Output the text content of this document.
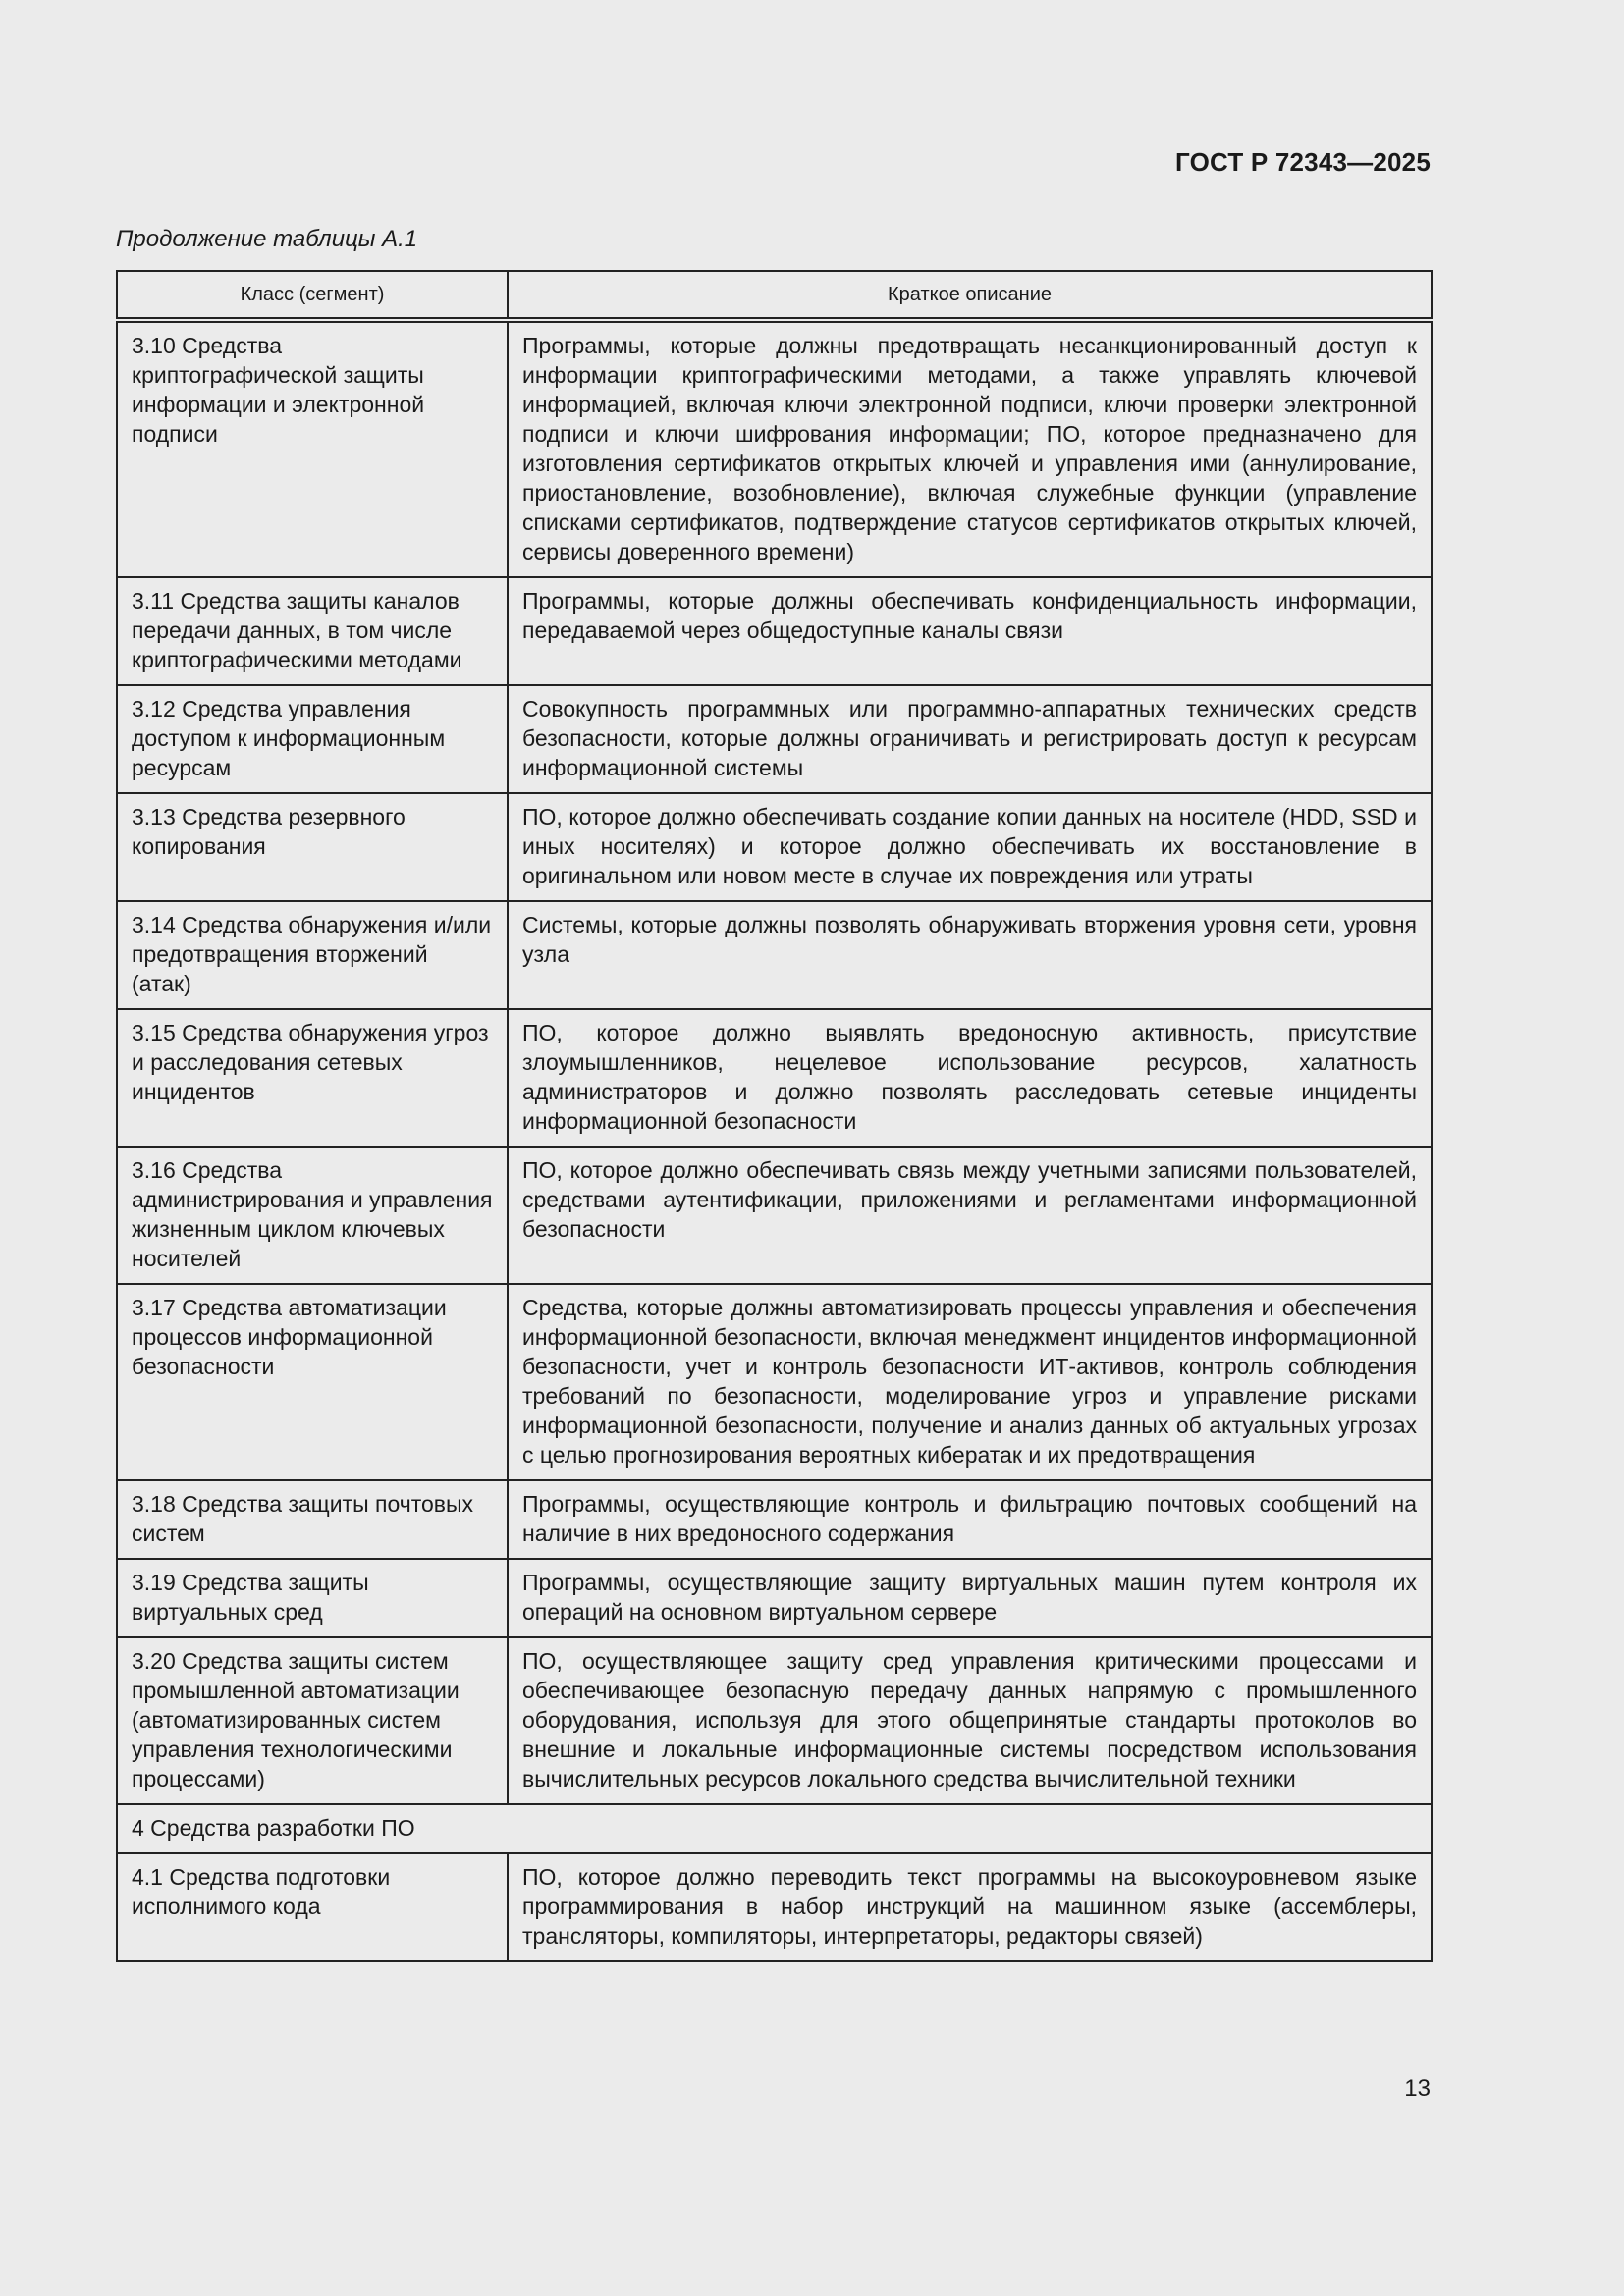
ГОСТ Р 72343—2025
Продолжение таблицы А.1
Класс (сегмент)	Краткое описание
3.10 Средства криптографической защиты информации и электронной подписи	Программы, которые должны предотвращать несанкционированный доступ к информации криптографическими методами, а также управлять ключевой информацией, включая ключи электронной подписи, ключи проверки электронной подписи и ключи шифрования информации; ПО, которое предназначено для изготовления сертификатов открытых ключей и управления ими (аннулирование, приостановление, возобновление), включая служебные функции (управление списками сертификатов, подтверждение статусов сертификатов открытых ключей, сервисы доверенного времени)
3.11 Средства защиты каналов передачи данных, в том числе криптографическими методами	Программы, которые должны обеспечивать конфиденциальность информации, передаваемой через общедоступные каналы связи
3.12 Средства управления доступом к информационным ресурсам	Совокупность программных или программно-аппаратных технических средств безопасности, которые должны ограничивать и регистрировать доступ к ресурсам информационной системы
3.13 Средства резервного копирования	ПО, которое должно обеспечивать создание копии данных на носителе (HDD, SSD и иных носителях) и которое должно обеспечивать их восстановление в оригинальном или новом месте в случае их повреждения или утраты
3.14 Средства обнаружения и/или предотвращения вторжений (атак)	Системы, которые должны позволять обнаруживать вторжения уровня сети, уровня узла
3.15 Средства обнаружения угроз и расследования сетевых инцидентов	ПО, которое должно выявлять вредоносную активность, присутствие злоумышленников, нецелевое использование ресурсов, халатность администраторов и должно позволять расследовать сетевые инциденты информационной безопасности
3.16 Средства администрирования и управления жизненным циклом ключевых носителей	ПО, которое должно обеспечивать связь между учетными записями пользователей, средствами аутентификации, приложениями и регламентами информационной безопасности
3.17 Средства автоматизации процессов информационной безопасности	Средства, которые должны автоматизировать процессы управления и обеспечения информационной безопасности, включая менеджмент инцидентов информационной безопасности, учет и контроль безопасности ИТ-активов, контроль соблюдения требований по безопасности, моделирование угроз и управление рисками информационной безопасности, получение и анализ данных об актуальных угрозах с целью прогнозирования вероятных кибератак и их предотвращения
3.18 Средства защиты почтовых систем	Программы, осуществляющие контроль и фильтрацию почтовых сообщений на наличие в них вредоносного содержания
3.19 Средства защиты виртуальных сред	Программы, осуществляющие защиту виртуальных машин путем контроля их операций на основном виртуальном сервере
3.20 Средства защиты систем промышленной автоматизации (автоматизированных систем управления технологическими процессами)	ПО, осуществляющее защиту сред управления критическими процессами и обеспечивающее безопасную передачу данных напрямую с промышленного оборудования, используя для этого общепринятые стандарты протоколов во внешние и локальные информационные системы посредством использования вычислительных ресурсов локального средства вычислительной техники
4 Средства разработки ПО	
4.1 Средства подготовки исполнимого кода	ПО, которое должно переводить текст программы на высокоуровневом языке программирования в набор инструкций на машинном языке (ассемблеры, трансляторы, компиляторы, интерпретаторы, редакторы связей)
13
